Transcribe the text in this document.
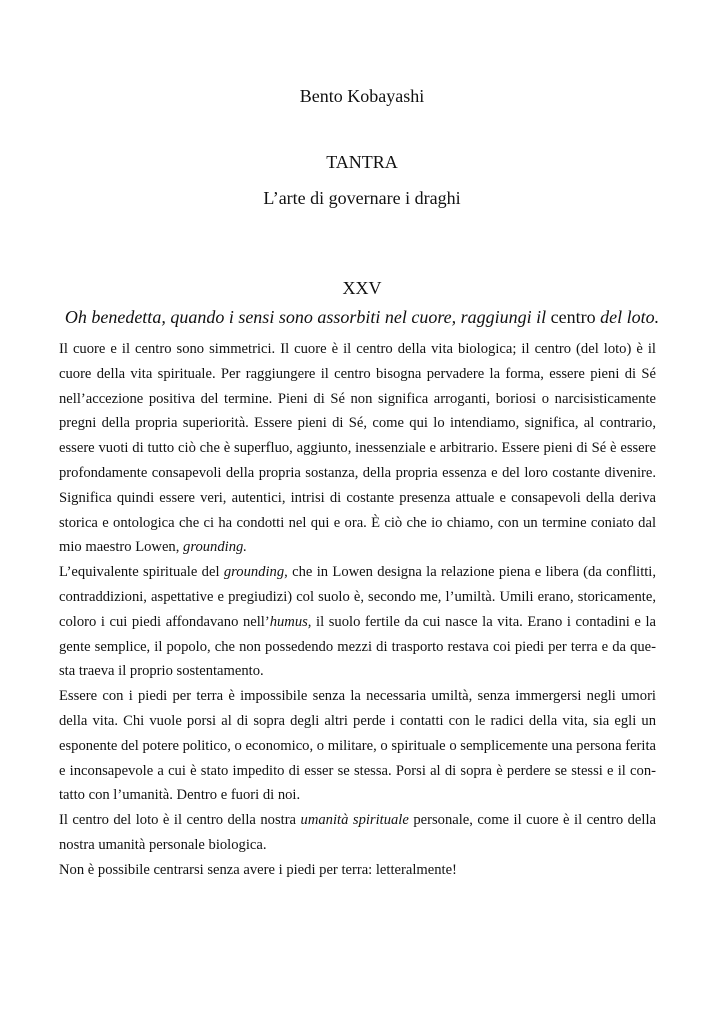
Bento Kobayashi
TANTRA
L’arte di governare i draghi
XXV
Oh benedetta, quando i sensi sono assorbiti nel cuore, raggiungi il centro del loto.
Il cuore e il centro sono simmetrici. Il cuore è il centro della vita biologica; il centro (del loto) è il
cuore della vita spirituale. Per raggiungere il centro bisogna pervadere la forma, essere pieni di Sé
nell’accezione positiva del termine. Pieni di Sé non significa arroganti, boriosi o narcisisticamente
pregni della propria superiorità. Essere pieni di Sé, come qui lo intendiamo, significa, al contrario,
essere vuoti di tutto ciò che è superfluo, aggiunto, inessenziale e arbitrario. Essere pieni di Sé è essere
profondamente consapevoli della propria sostanza, della propria essenza e del loro costante divenire.
Significa quindi essere veri, autentici, intrisi di costante presenza attuale e consapevoli della deriva
storica e ontologica che ci ha condotti nel qui e ora. È ciò che io chiamo, con un termine coniato dal
mio maestro Lowen, grounding.
L’equivalente spirituale del grounding, che in Lowen designa la relazione piena e libera (da conflitti,
contraddizioni, aspettative e pregiudizi) col suolo è, secondo me, l’umiltà. Umili erano, storicamente,
coloro i cui piedi affondavano nell’humus, il suolo fertile da cui nasce la vita. Erano i contadini e la
gente semplice, il popolo, che non possedendo mezzi di trasporto restava coi piedi per terra e da que-
sta traeva il proprio sostentamento.
Essere con i piedi per terra è impossibile senza la necessaria umiltà, senza immergersi negli umori
della vita. Chi vuole porsi al di sopra degli altri perde i contatti con le radici della vita, sia egli un
esponente del potere politico, o economico, o militare, o spirituale o semplicemente una persona ferita
e inconsapevole a cui è stato impedito di esser se stessa. Porsi al di sopra è perdere se stessi e il con-
tatto con l’umanità. Dentro e fuori di noi.
Il centro del loto è il centro della nostra umanità spirituale personale, come il cuore è il centro della
nostra umanità personale biologica.
Non è possibile centrarsi senza avere i piedi per terra: letteralmente!
